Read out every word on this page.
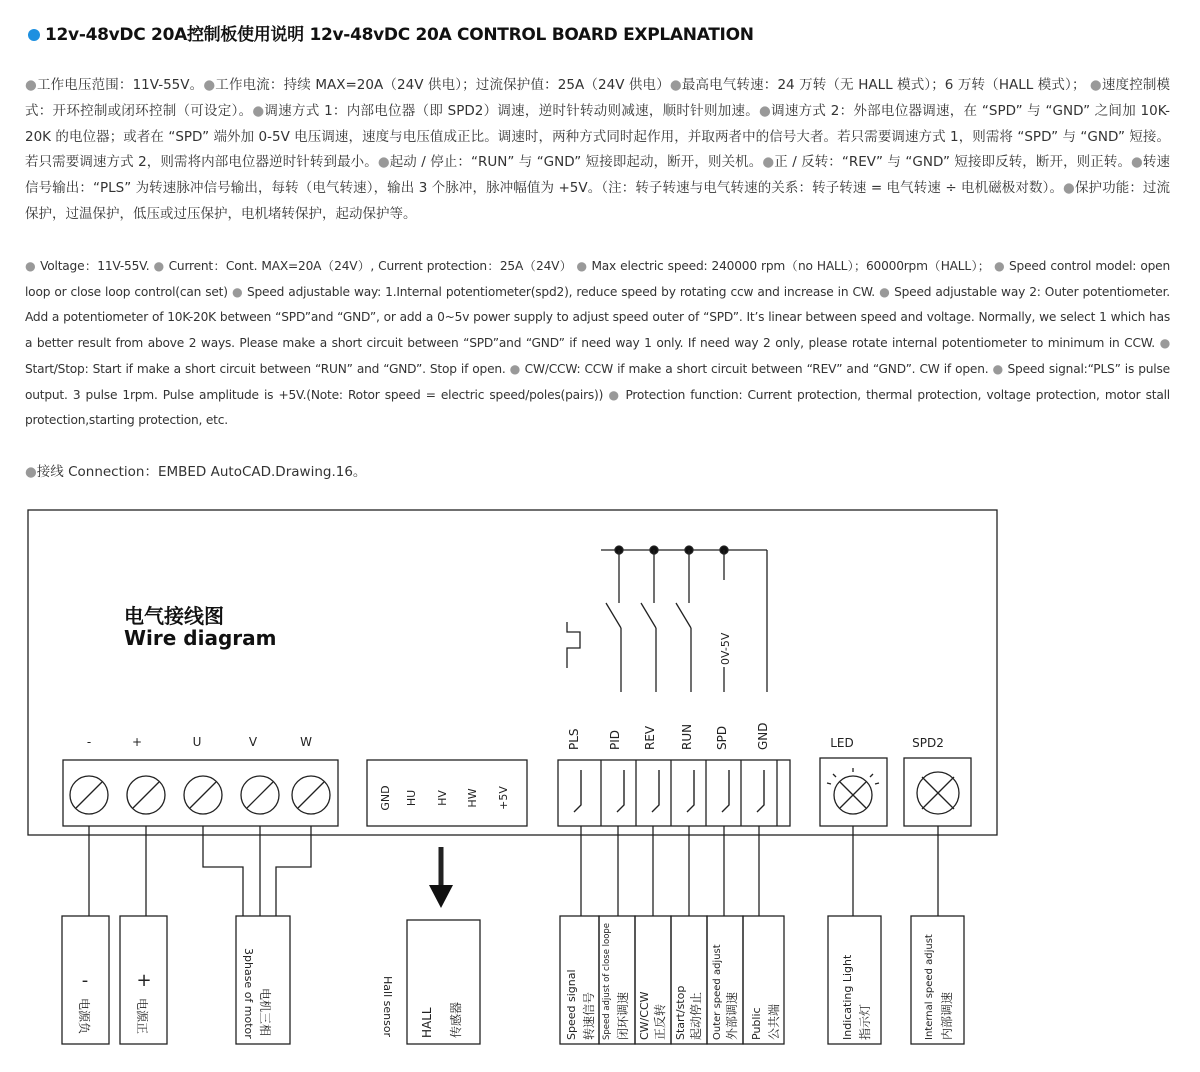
12v-48vDC 20A控制板使用说明 12v-48vDC 20A CONTROL BOARD EXPLANATION
●工作电压范围：11V-55V。●工作电流：持续 MAX=20A（24V 供电）；过流保护值：25A（24V 供电）●最高电气转速：24 万转（无 HALL 模式）；6 万转（HALL 模式）； ●速度控制模式：开环控制或闭环控制（可设定）。●调速方式 1：内部电位器（即 SPD2）调速，逆时针转动则减速，顺时针则加速。●调速方式 2：外部电位器调速，在 “SPD” 与 “GND” 之间加 10K-20K 的电位器；或者在 “SPD” 端外加 0-5V 电压调速，速度与电压值成正比。调速时，两种方式同时起作用，并取两者中的信号大者。若只需要调速方式 1，则需将 “SPD” 与 “GND” 短接。若只需要调速方式 2，则需将内部电位器逆时针转到最小。●起动 / 停止：“RUN” 与 “GND” 短接即起动，断开，则关机。●正 / 反转：“REV” 与 “GND” 短接即反转，断开，则正转。●转速信号输出：“PLS” 为转速脉冲信号输出，每转（电气转速），输出 3 个脉冲，脉冲幅值为 +5V。（注：转子转速与电气转速的关系：转子转速 = 电气转速 ÷ 电机磁极对数）。●保护功能：过流保护，过温保护，低压或过压保护，电机堵转保护，起动保护等。
● Voltage：11V-55V. ● Current：Cont. MAX=20A（24V）, Current protection：25A（24V） ● Max electric speed: 240000 rpm（no HALL）；60000rpm（HALL）； ● Speed control model: open loop or close loop control(can set) ● Speed adjustable way: 1.Internal potentiometer(spd2), reduce speed by rotating ccw and increase in CW. ● Speed adjustable way 2: Outer potentiometer. Add a potentiometer of 10K-20K between “SPD”and “GND”, or add a 0~5v power supply to adjust speed outer of “SPD”. It’s linear between speed and voltage. Normally, we select 1 which has a better result from above 2 ways. Please make a short circuit between “SPD”and “GND” if need way 1 only. If need way 2 only, please rotate internal potentiometer to minimum in CCW. ● Start/Stop: Start if make a short circuit between “RUN” and “GND”. Stop if open. ● CW/CCW: CCW if make a short circuit between “REV” and “GND”. CW if open. ● Speed signal:“PLS” is pulse output. 3 pulse 1rpm. Pulse amplitude is +5V.(Note: Rotor speed = electric speed/poles(pairs)) ● Protection function: Current protection, thermal protection, voltage protection, motor stall protection,starting protection, etc.
●接线 Connection：EMBED AutoCAD.Drawing.16。
电气接线图
Wire diagram
-	+	U	V	W
GND HU HV HW +5V
PLS PID REV RUN SPD GND
0V-5V
LED	SPD2
-
电源负
+
电源正	3phase of motor 电机三相	Hall sensor HALL 传感器	Speed signal 转速信号 Speed adjust of close loope 闭环调速 CW/CCW 正反转 Start/stop 起动停止 Outer speed adjust 外部调速 Public 公共端	Indicating Light 指示灯	Internal speed adjust 内部调速
